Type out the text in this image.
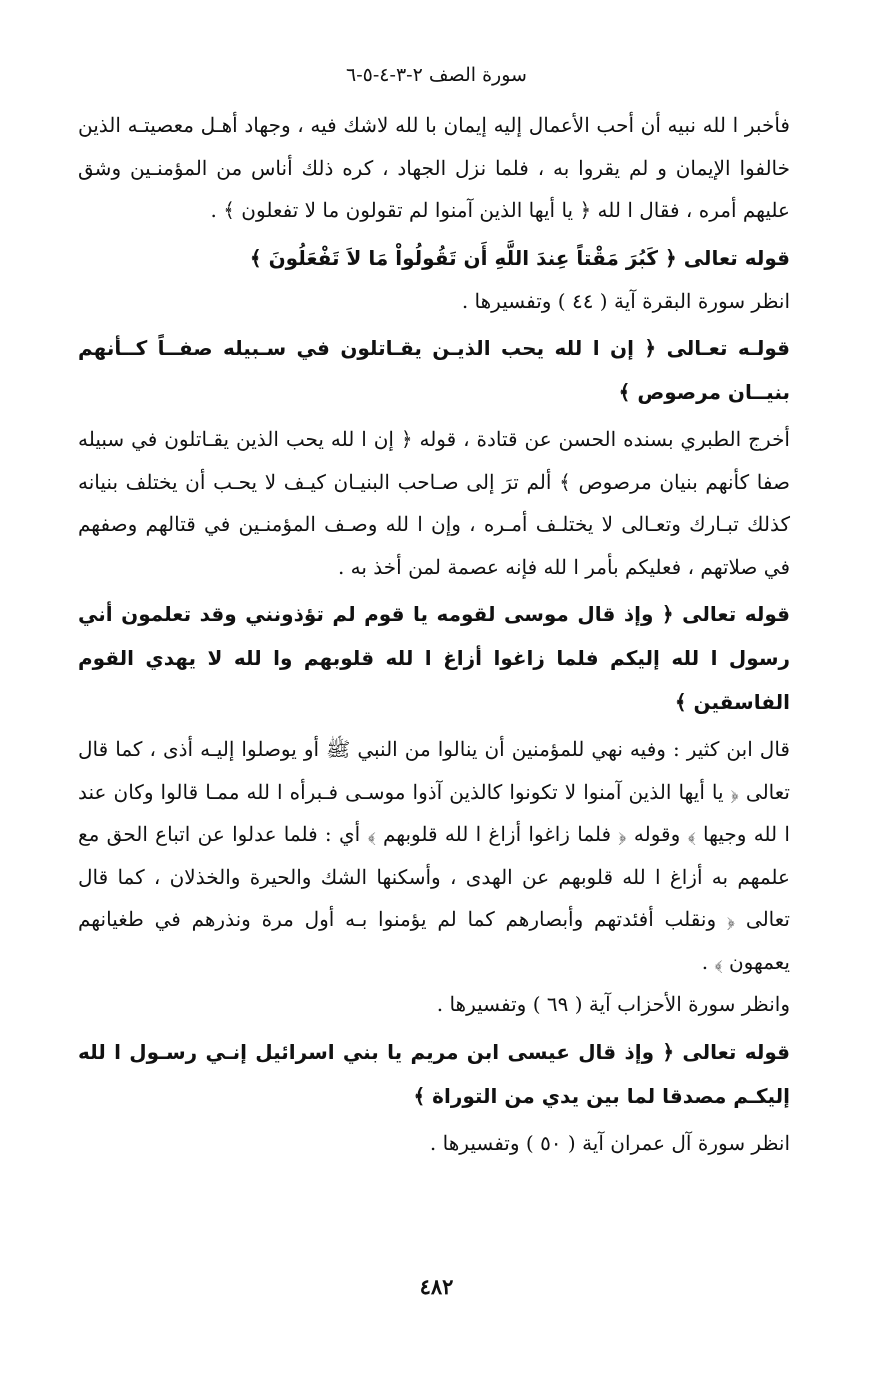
سورة الصف ٢-٣-٤-٥-٦

فأخبر ا لله نبيه أن أحب الأعمال إليه إيمان با لله لاشك فيه ، وجهاد أهـل معصيتـه الذين خالفوا الإيمان و لم يقروا به ، فلما نزل الجهاد ، كره ذلك أناس من المؤمنـين وشق عليهم أمره ، فقال ا لله ﴿ يا أيها الذين آمنوا لم تقولون ما لا تفعلون ﴾ .

قوله تعالى ﴿ كَبُرَ مَقْتاً عِندَ اللَّهِ أَن تَقُولُواْ مَا لاَ تَفْعَلُونَ ﴾

انظر سورة البقرة آية ( ٤٤ ) وتفسيرها .

قولـه تعـالى ﴿ إن ا لله يحب الذيـن يقـاتلون في سـبيله صفــاً كــأنهم بنيــان مرصوص ﴾

أخرج الطبري بسنده الحسن عن قتادة ، قوله ﴿ إن ا لله يحب الذين يقـاتلون في سبيله صفا كأنهم بنيان مرصوص ﴾ ألم ترَ إلى صـاحب البنيـان كيـف لا يحـب أن يختلف بنيانه كذلك تبـارك وتعـالى لا يختلـف أمـره ، وإن ا لله وصـف المؤمنـين في قتالهم وصفهم في صلاتهم ، فعليكم بأمر ا لله فإنه عصمة لمن أخذ به .

قوله تعالى ﴿ وإذ قال موسى لقومه يا قوم لم تؤذونني وقد تعلمون أني رسول ا لله إليكم فلما زاغوا أزاغ ا لله قلوبهم وا لله لا يهدي القوم الفاسقين ﴾

قال ابن كثير : وفيه نهي للمؤمنين أن ينالوا من النبي ﷺ أو يوصلوا إليـه أذى ، كما قال تعالى ﴿ يا أيها الذين آمنوا لا تكونوا كالذين آذوا موسـى فـبرأه ا لله ممـا قالوا وكان عند ا لله وجيها ﴾ وقوله ﴿ فلما زاغوا أزاغ ا لله قلوبهم ﴾ أي : فلما عدلوا عن اتباع الحق مع علمهم به أزاغ ا لله قلوبهم عن الهدى ، وأسكنها الشك والحيرة والخذلان ، كما قال تعالى ﴿ ونقلب أفئدتهم وأبصارهم كما لم يؤمنوا بـه أول مرة ونذرهم في طغيانهم يعمهون ﴾ .

وانظر سورة الأحزاب آية ( ٦٩ ) وتفسيرها .

قوله تعالى ﴿ وإذ قال عيسى ابن مريم يا بني اسرائيل إنـي رسـول ا لله إليكـم مصدقا لما بين يدي من التوراة ﴾

انظر سورة آل عمران آية ( ٥٠ ) وتفسيرها .

٤٨٢
